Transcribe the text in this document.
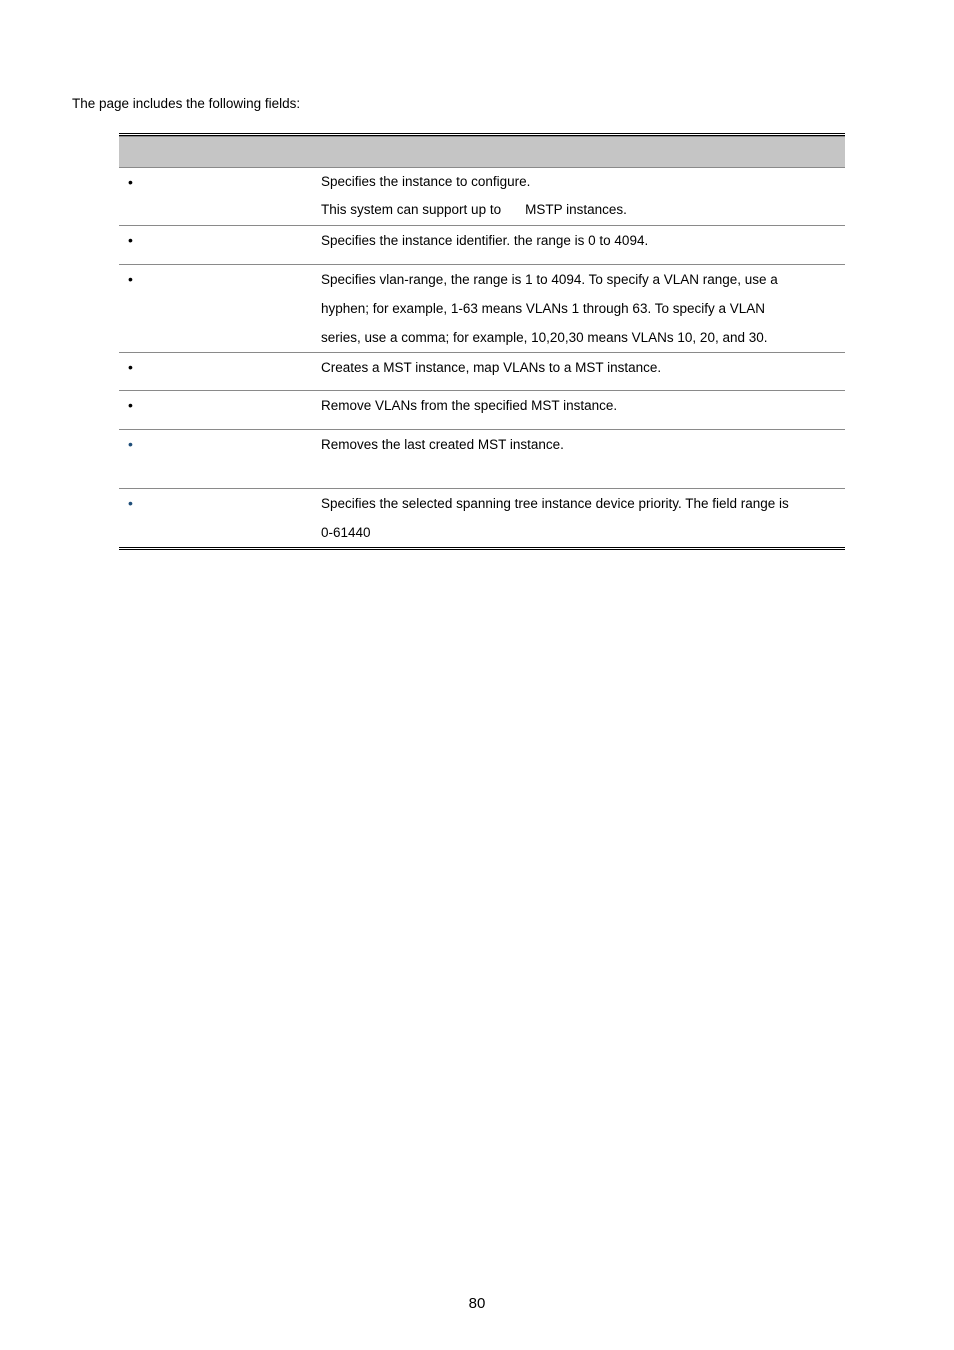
The page includes the following fields:

•	Specifies the instance to configure.
This system can support up to MSTP instances.

•	Specifies the instance identifier. the range is 0 to 4094.

•	Specifies vlan-range, the range is 1 to 4094. To specify a VLAN range, use a
hyphen; for example, 1-63 means VLANs 1 through 63. To specify a VLAN
series, use a comma; for example, 10,20,30 means VLANs 10, 20, and 30.

•	Creates a MST instance, map VLANs to a MST instance.

•	Remove VLANs from the specified MST instance.

•	Removes the last created MST instance.

•	Specifies the selected spanning tree instance device priority. The field range is
0-61440
80
